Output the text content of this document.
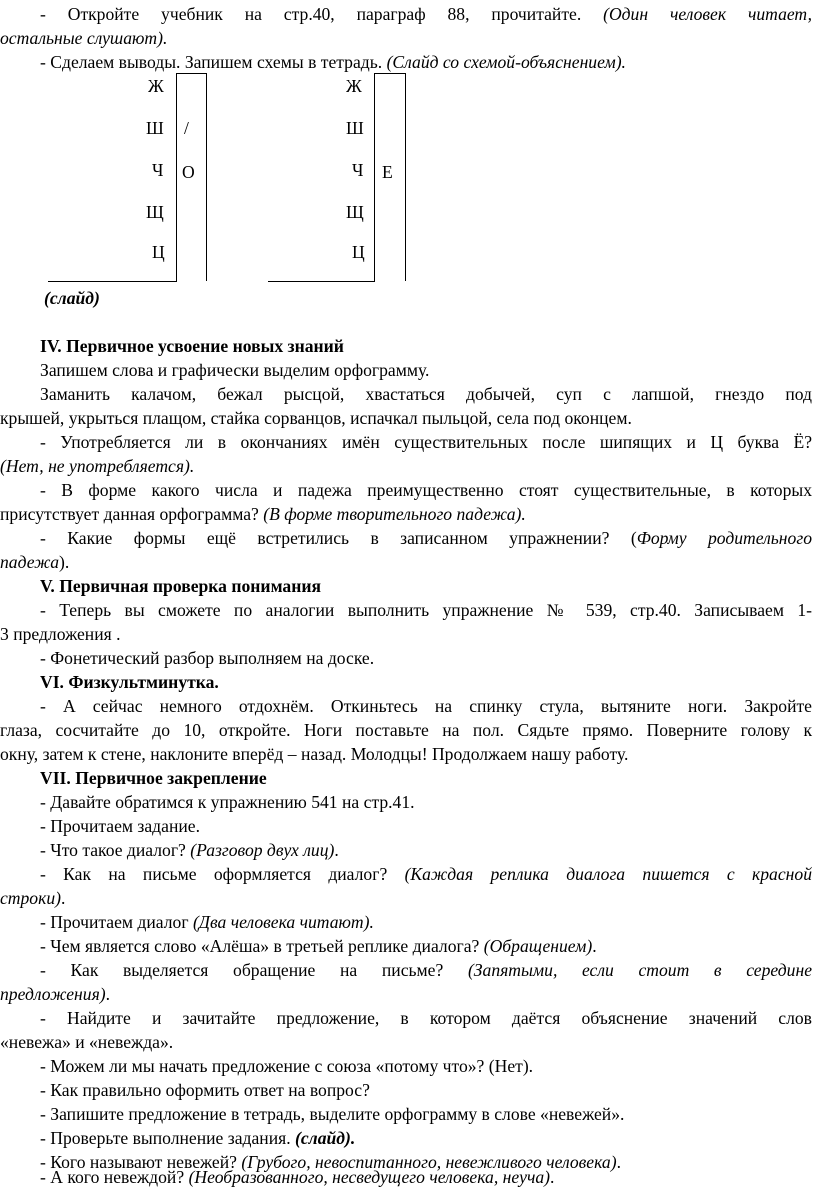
- Откройте учебник на стр.40, параграф 88, прочитайте. (Один человек читает,
остальные слушают).
- Сделаем выводы. Запишем схемы в тетрадь. (Слайд со схемой-объяснением).
Ж
Ш
Ч
Щ
Ц
/
О
Ж
Ш
Ч
Щ
Ц
Е
(слайд)
IV. Первичное усвоение новых знаний
Запишем слова и графически выделим орфограмму.
Заманить калачом, бежал рысцой, хвастаться добычей, суп с лапшой, гнездо под
крышей, укрыться плащом, стайка сорванцов, испачкал пыльцой, села под оконцем.
- Употребляется ли в окончаниях имён существительных после шипящих и Ц буква Ё?
(Нет, не употребляется).
- В форме какого числа и падежа преимущественно стоят существительные, в которых
присутствует данная орфограмма? (В форме творительного падежа).
- Какие формы ещё встретились в записанном упражнении? (Форму родительного
падежа).
V. Первичная проверка понимания
- Теперь вы сможете по аналогии выполнить упражнение № 539, стр.40. Записываем 1-
3 предложения .
- Фонетический разбор выполняем на доске.
VI. Физкультминутка.
- А сейчас немного отдохнём. Откиньтесь на спинку стула, вытяните ноги. Закройте
глаза, сосчитайте до 10, откройте. Ноги поставьте на пол. Сядьте прямо. Поверните голову к
окну, затем к стене, наклоните вперёд – назад. Молодцы! Продолжаем нашу работу.
VII. Первичное закрепление
- Давайте обратимся к упражнению 541 на стр.41.
- Прочитаем задание.
- Что такое диалог? (Разговор двух лиц).
- Как на письме оформляется диалог? (Каждая реплика диалога пишется с красной
строки).
- Прочитаем диалог (Два человека читают).
- Чем является слово «Алёша» в третьей реплике диалога? (Обращением).
- Как выделяется обращение на письме? (Запятыми, если стоит в середине
предложения).
- Найдите и зачитайте предложение, в котором даётся объяснение значений слов
«невежа» и «невежда».
- Можем ли мы начать предложение с союза «потому что»? (Нет).
- Как правильно оформить ответ на вопрос?
- Запишите предложение в тетрадь, выделите орфограмму в слове «невежей».
- Проверьте выполнение задания. (слайд).
- Кого называют невежей? (Грубого, невоспитанного, невежливого человека).
- А кого невеждой? (Необразованного, несведущего человека, неуча).
